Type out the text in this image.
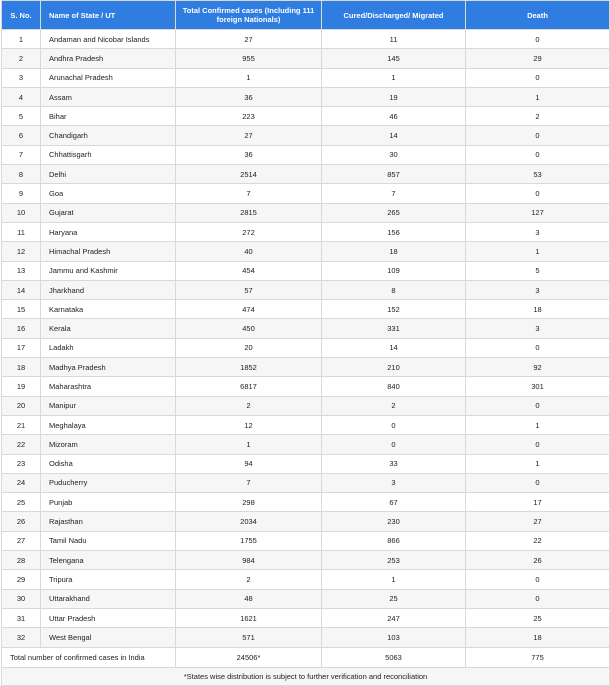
S. No.	Name of State / UT	Total Confirmed cases (Including 111 foreign Nationals)	Cured/Discharged/ Migrated	Death
1	Andaman and Nicobar Islands	27	11	0
2	Andhra Pradesh	955	145	29
3	Arunachal Pradesh	1	1	0
4	Assam	36	19	1
5	Bihar	223	46	2
6	Chandigarh	27	14	0
7	Chhattisgarh	36	30	0
8	Delhi	2514	857	53
9	Goa	7	7	0
10	Gujarat	2815	265	127
11	Haryana	272	156	3
12	Himachal Pradesh	40	18	1
13	Jammu and Kashmir	454	109	5
14	Jharkhand	57	8	3
15	Karnataka	474	152	18
16	Kerala	450	331	3
17	Ladakh	20	14	0
18	Madhya Pradesh	1852	210	92
19	Maharashtra	6817	840	301
20	Manipur	2	2	0
21	Meghalaya	12	0	1
22	Mizoram	1	0	0
23	Odisha	94	33	1
24	Puducherry	7	3	0
25	Punjab	298	67	17
26	Rajasthan	2034	230	27
27	Tamil Nadu	1755	866	22
28	Telengana	984	253	26
29	Tripura	2	1	0
30	Uttarakhand	48	25	0
31	Uttar Pradesh	1621	247	25
32	West Bengal	571	103	18
Total number of confirmed cases in India		24506*	5063	775
*States wise distribution is subject to further verification and reconciliation				
